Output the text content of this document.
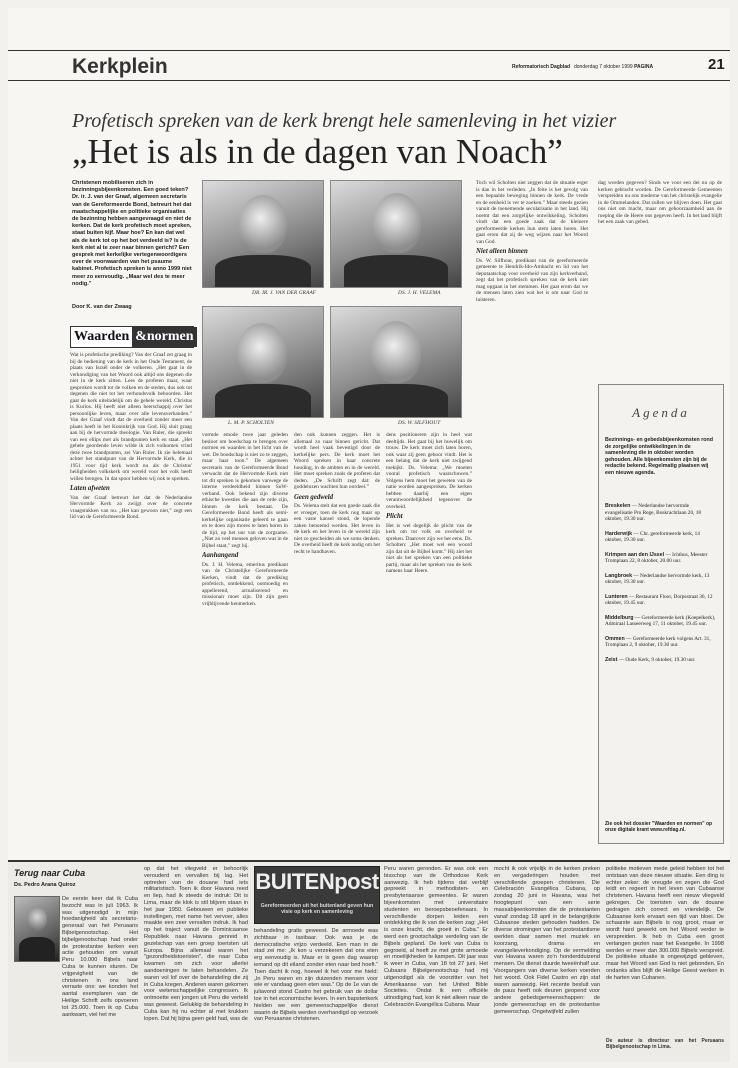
Kerkplein	Reformatorisch Dagblad donderdag 7 oktober 1999 PAGINA	21
Profetisch spreken van de kerk brengt hele samenleving in het vizier
„Het is als in de dagen van Noach”
Christenen mobiliseren zich in bezinningsbijeenkomsten. Een goed teken? Dr. ir. J. van der Graaf, algemeen secretaris van de Gereformeerde Bond, betreurt het dat maatschappelijke en politieke organisaties de bezinning hebben aangevraagd en niet de kerken. Dat de kerk profetisch moet spreken, staat buiten kijf. Maar hoe? En kan dat wel als de kerk tot op het bot verdeeld is? Is de kerk niet al te zeer naar binnen gericht? Een gesprek met kerkelijke vertegenwoordigers over de voorwaarden van het psaume kabinet. Profetisch spreken is anno 1999 niet meer zo eenvoudig. „Maar wel des te meer nodig.”
Door K. van der Zwaag
Waarden &normen
Wat is profetische prediking? Van der Graaf zet graag in bij de bediening van de kerk in het Oude Testament, de plaats van Israël onder de volkeren. „Het gaat in de verkondiging van het Woord ook altijd ons degenen die niet in de kerk zitten. Lees de profeten maar, waar gesproken wordt tot de volken en de steden, dus ook tot degenen die niet tot het verbondsvolk behoorden. Het gaat de kerk uiteindelijk om de gehele wereld. Christus is Kurios. Hij heeft niet alleen heerschappij over het persoonlijke leven, maar over alle levensverbanden.” Van der Graaf vindt dat de overheid zonder meer een plaats heeft in het Koninkrijk van God. Hij sluit graag aan bij de hervormde theologie. Van Ruler, die spreekt van een ellips met als brandpunten kerk en staat. „Het gehele geordende leven wilde ik zich volkomen vrind deze twee brandpunten, zei Van Ruler. Ik zie helemaal achter het standpunt van de Hervormde Kerk, die in 1951 voor tijd kerk wordt nu als de Christus' heiligheiden volkskerk om wereld voor het volk heeft willen brengen. In dat spoor hebben wij ook te spreken.
Laten afweten
Van der Graaf betreurt het dat de Nederlandse Hervormde Kerk zo zwijgt over de concrete vraagstukken van nu. „Het kan gewoon niet,” zegt een lid van de Gereformeerde Bond.
DR. IR. J. VAN DER GRAAF	DS. J. H. VELEMA
L. M. P. SCHOLTEN	DS. W. SILFHOUT
vormde emode twee jaar geleden besloot om hoedschap te brengen over normen en waarden in het licht van de wet. De boodschap is niet zo te zeggen, maar haar toon.” De algemeen secretaris van de Gereformeerde Bond verwacht dat de Hervormde Kerk niet tot dit spreken is gekomen vanwege de interne verdeeldheid binnen SoW-verband. Ook bekend zijn diverse ethische kwesties die aan de orde zijn, binnen de kerk bestaat. De Gereformeerde Bond heeft als semi-kerkelijke organisatie geleerd te gaan en te doen zijn mores te laten horen in de tijd, op het uur van de zorgzame. „Niet zo veel mensen geloven wat in de Bijbel staat,” zegt hij.
Aanhangend
Ds. J. H. Velema, emeritus predikant van de Christelijke Gereformeerde Kerken, vindt dat de prediking profetisch, ontdekkend, ootmoedig en appellerend, actualiserend en missionair moet zijn. Dit zijn geen vrijblijvende kenmerken.
den ook kunnen zeggen. Het is allemaal zo naar binnen gericht. Dat wordt heel vaak bevestigd door de kerkelijke pers. De kerk moet het Woord spreken in haar concrete houding, in de ambten en in de wereld. Het moet spreken zoals de profeten dat deden. „De Schrift zegt dat: de goddelozen wachten hun oordeel.”
Geen gedweld
Ds. Velema stelt dat een goede zaak die er vroeger, toen de kerk nog maar op een vaste kansel stond, de lopende zaken benoemd werden. Het leven in de kerk en het leven in de wereld zijn niet zo gescheiden als we soms denken. De overheid heeft de kerk nodig om het recht te handhaven.
dens positioneren zijn in heel wat deeltijds. Het gaat bij het huwelijk om trouw. De kerk moet zich laten horen, ook waar zij geen gehoor vindt. Het is een belang dat de kerk niet zwijgend toekijkt. Ds. Velema: „We moeten vooral profetisch waarschuwen.” Volgens hem moet het geweten van de natie worden aangesproken. De kerken hebben daarbij een eigen verantwoordelijkheid tegenover de overheid.
Plicht
Het is wel degelijk de plicht van de kerk om tot volk en overheid te spreken. Daarover zijn we het eens. Ds. Scholten: „Het moet wel een woord zijn dat uit de Bijbel komt.” Hij ziet het niet als het spreken van een politieke partij, maar als het spreken van de kerk namens haar Heere.
Toch wil Scholten niet zeggen dat de situatie erger is dan in het verleden. „In feite is het gevolg van een bepaalde beweging binnen de kerk. De vrede en de eenheid is ver te zoeken.” Maar steeds gezien vanuit de toenemende secularisatie in het land. Hij noemt dat een zorgelijke ontwikkeling. Scholten vindt dat een goede zaak dat de kleinere gereformeerde kerken hun stem laten horen. Het gaat erom dat zij de weg wijzen naar het Woord van God.
Niet alleen binnen
Ds. W. Silfhout, predikant van de gereformeerde gemeente te Hendrik-Ido-Ambacht en lid van het deputaatschap voor overheid van zijn kerkverband, zegt dat het profetisch spreken van de kerk niet mag opgaan in het stemmen. Het gaat erom dat we de mensen laten zien wat het is om naar God te luisteren.
dag worden gegeven? Sinds we voor een dei nu op de kerken gebracht worden. De Gereformeerde Gemeenten verspreiden nu ons moderne van het christelijk evangelie in de Ommelanden. Dat zullen we blijven doen. Het gaat ons niet om macht, maar om gehoorzaamheid aan de roeping die de Heere ons gegeven heeft. In het land blijft het een zaak van gebed.
Agenda
Bezinnings- en gebedsbijeenkomsten rond de zorgelijke ontwikkelingen in de samenleving die in oktober worden gehouden. Alle bijeenkomsten zijn bij de redactie bekend. Regelmatig plaatsen wij een nieuwe agenda.
Breskelen — Nederlandse hervormde evangelisatie Pro Rege, Boskrachtlaan 20, 18 oktober, 19.30 uur.
Harderwijk — Chr. gereformeerde kerk, 14 oktober, 19.30 uur.
Krimpen aan den IJssel — Ichthus, Meester Tromplaan 22, 8 oktober, 20.00 uur.
Langbroek — Nederlandse hervormde kerk, 13 oktober, 19.30 uur.
Lunteren — Restaurant Floor, Dorpsstraat 36, 12 oktober, 19.45 uur.
Middelburg — Gereformeerde kerk (Koepelkerk), Admiraal Lasseerweg 17, 11 oktober, 19.45 uur.
Ommen — Gereformeerde kerk volgens Art. 31, Tromplaan 2, 9 oktober, 19.30 uur.
Zeist — Oude Kerk, 9 oktober, 19.30 uur.
Zie ook het dossier "Waarden en normen" op onze digitale krant www.refdag.nl.
Terug naar Cuba
Ds. Pedro Arana Quiroz
De eerste keer dat ik Cuba bezocht was in juli 1963. Ik was uitgenodigd in mijn hoedanigheid als secretaris-generaal van het Peruaans Bijbelgenootschap. Het bijbelgenootschap had onder de protestantse kerken een actie gehouden om vanuit Peru 10.000 Bijbels naar Cuba te kunnen sturen. De vrijgevigheid van de christenen in ons land verraste ons: we konden het aantal exemplaren van de Heilige Schrift zelfs opvoeren tot 25.000. Toen ik op Cuba aankwam, viel het me
op dat het vliegveld er behoorlijk verouderd en vervallen bij lag. Het optreden van de douane had iets militaristisch. Toen ik door Havana reed en liep, had ik steeds de indruk: Dit is Lima, maar de klok is stil blijven staan in het jaar 1950. Gebouwen en publieke instellingen, met name het vervoer, alles maakte een zeer vervallen indruk. Ik had op het traject vanuit de Dominicaanse Republiek naar Havana genreid in gezelschap van een groep toeristen uit Europa. Bijna allemaal waren het "gezondheidstoeristen", die naar Cuba kwamen om zich voor allerlei aandoeningen te laten behandelen. Ze waren vol lof over de behandeling die zij in Cuba kregen. Anderen waren gekomen voor wetenschappelijke congressen. Ik ontmoette een jongen uit Peru die verteld was geweest. Gelukkig de behandeling in Cuba kan hij nu echter al met krukken lopen. Dat hij bijna geen geld had, was de
BUITENpost
Gereformeerden uit het buitenland geven hun visie op kerk en samenleving
behandeling gratis geweest. De armoede was zichtbaar in taxibaar. Ook was je de democratische vrijzo verdeeld. Een man in de stad zei me: „Ik kon u verzekeren dat ons eten erg eenvoudig is. Maar er is geen dag waarop iemand op dit eiland zonder eten naar bed hoeft.” Toen dacht ik nog, hoewel ik het voor me hield: „In Peru waren en zijn duizenden mensen voor wie er vandaag geen eten was.” Op de 1e van de juliavond stond Castro het gebruik van de dollar toe in het economische leven. In een bapstenkerk hielden we een gemeenschappelijke dienst waarin de Bijbels werden overhandigd op verzoek van Peruaanse christenen.
Peru waren geronden. Er was ook een bisschop van de Orthodoxe Kerk aanwezig. Ik heb tijdens dat verblijf gepreekt in methodisten- en presbyteriaanse gemeentes. Er waren bijeenkomsten met universitaire studenten en beroepsbeoefenaars. In verschillende dorpen leiden een ontdekking die ik van de kerken zag: „Het is onze kracht, die groeit in Cuba.” Er werd een grootschalige verdeling van de Bijbels gepland. De kerk van Cuba is gegroeid, al heeft ze met grote armoede en moeilijkheden te kampen. Dit jaar was ik weer in Cuba, van 18 tot 27 juni. Het Cubaans Bijbelgenootschap had mij uitgenodigd als de voorzitter van het Amerikaanse van het United Bible Societies. Ondat ik een officiële uitnodiging had, kon ik niet alleen naar de Celebración Evangélica Cubana. Maar
mocht ik ook vrijelijk in de kerken preken en vergaderingen houden met verschillende groepen christenen. Die Celebración Evangélica Cubana, op zondag 20 juni in Havana, was het hoogtepunt van een serie massabijeenkomsten die de protestanten vanaf zondag 18 april in de belangrijkste Cubaanse steden gehouden hadden. De diverse stromingen van het protestantisme werkten daar samen met muziek en koorzang, drama en evangelieverkondiging. Op de vermelding van Havana waren zo'n honderdduizend mensen. De dienst duurde tweeënhalf uur. Voorgangers van diverse kerken voerden het woord. Ook Fidel Castro en zijn staf waren aanwezig. Het recente besluit van de paus heeft ook deuren geopend voor andere gebedsgemeenschappen: de jonde gemeenschap en de protestantse gemeenschap. Ongetwijfeld zullen
politieke motieven mede geleid hebben tot het ontstaan van deze nieuwe situatie. Een ding is echter zeker: de vreugde en zegen die God leidt en regeert in het leven van Cubaanse christenen. Havana heeft een nieuw vliegveld gekregen. De toeristen van de douane gedragen zich correct en vriendelijk. De Cubaanse kerk ervaart een tijd van bloei. De schaarste aan Bijbels is nog groot, maar er wordt hard gewerkt om het Woord verder te verspreiden. Ik heb in Cuba een groot verlangen gezien naar het Evangelie. In 1998 werden er meer dan 300.000 Bijbels verspreid. De politieke situatie is ongewijzigd gebleven, maar het Woord van God is niet gebonden. En ondanks alles blijft de Heilige Geest werken in de harten van Cubanen.
De auteur is directeur van het Peruaans Bijbelgenootschap in Lima.
